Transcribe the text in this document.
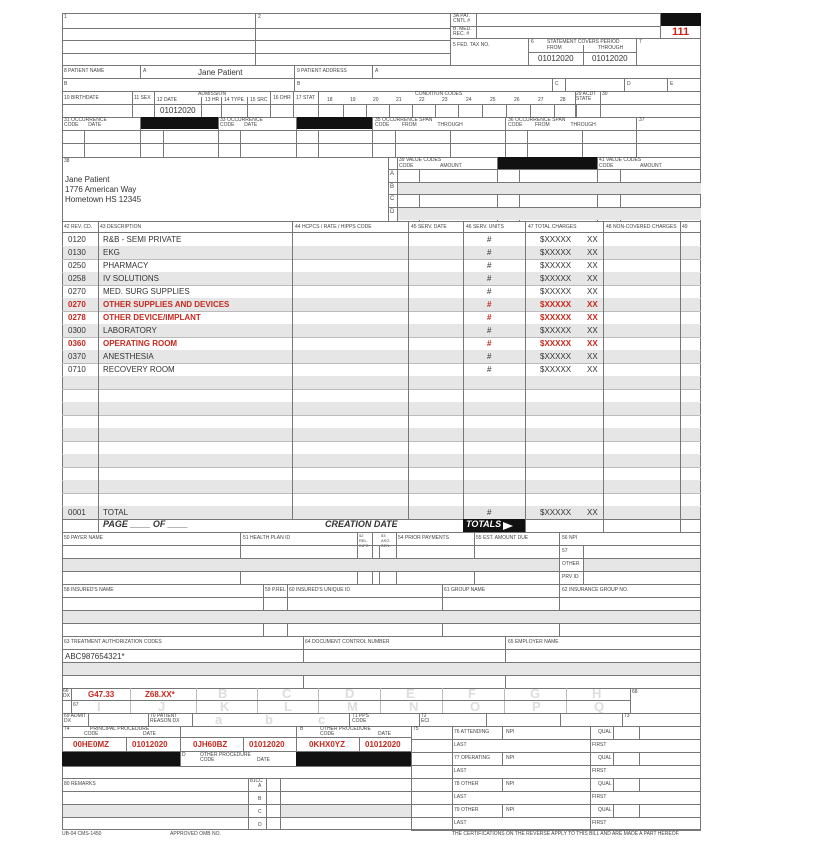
1	2	3A PAT. CNTL #
B. MED. REC. #	111
5 FED. TAX NO.	6	STATEMENT COVERS PERIOD
FROM	THROUGH
01012020 01012020
7
8 PATIENT NAME	A	Jane Patient	9 PATIENT ADDRESS	A
B	B	C	D	E
10 BIRTHDATE	11 SEX
ADMISSION
12 DATE	13 HR 14 TYPE 15 SRC 16 DHR 17 STAT
CONDITION CODES
18	19	20	21	22	23	24	25	26	27	28
29 ACDT STATE
30
01012020
31 OCCURRENCE
CODE DATE
33 OCCURRENCE
CODE DATE
35 OCCURRENCE SPAN
CODE	FROM	THROUGH
36 OCCURRENCE SPAN
CODE	FROM	THROUGH
37
38
Jane Patient
1776 American Way
Hometown HS 12345
A
B
C
D
39 VALUE CODES
CODE	AMOUNT
41 VALUE CODES
CODE	AMOUNT
42 REV. CD. 43 DESCRIPTION	44 HCPCS / RATE / HIPPS CODE	45 SERV. DATE	46 SERV. UNITS	47 TOTAL CHARGES	48 NON-COVERED CHARGES 49
0120 R&B - SEMI PRIVATE	#	$XXXXX XX
0130 EKG	#	$XXXXX XX
0250 PHARMACY	#	$XXXXX XX
0258 IV SOLUTIONS	#	$XXXXX XX
0270 MED. SURG SUPPLIES	#	$XXXXX XX
0270 OTHER SUPPLIES AND DEVICES	#	$XXXXX XX
0278 OTHER DEVICE/IMPLANT	#	$XXXXX XX
0300 LABORATORY	#	$XXXXX XX
0360 OPERATING ROOM	#	$XXXXX XX
0370 ANESTHESIA	#	$XXXXX XX
0710 RECOVERY ROOM	#	$XXXXX XX
0001 TOTAL	#	$XXXXX XX
PAGE ____ OF ____	CREATION DATE	TOTALS
50 PAYER NAME	51 HEALTH PLAN ID	52 REL. INFO
53 ASG. BEN.
54 PRIOR PAYMENTS	55 EST. AMOUNT DUE	56 NPI
57
OTHER
PRV ID
58 INSURED'S NAME	59 P.REL 60 INSURED'S UNIQUE ID	61 GROUP NAME	62 INSURANCE GROUP NO.
63 TREATMENT AUTHORIZATION CODES	64 DOCUMENT CONTROL NUMBER	65 EMPLOYER NAME
ABC987654321*
66 DX G47.33	Z68.XX*
67
B	C	D	E	F	G	H
I	J	K	L	M	N	O	P	Q
68
69 ADMIT DX
70 PATIENT REASON DX	a	b	c	71 PPS CODE
72 ECI
73
74	PRINCIPAL PROCEDURE
CODE	DATE
B	OTHER PROCEDURE
CODE	DATE
75
00HE0MZ	01012020	0JH60BZ	01012020	0KHX0YZ 01012020
D	OTHER PROCEDURE
CODE	DATE
80 REMARKS	81CC
A
B
C
D
76 ATTENDING	NPI	QUAL
LAST	FIRST
77 OPERATING	NPI	QUAL
LAST	FIRST
78 OTHER	NPI	QUAL
LAST	FIRST
79 OTHER	NPI	QUAL
LAST	FIRST
UB-04 CMS-1450	APPROVED OMB NO.	THE CERTIFICATIONS ON THE REVERSE APPLY TO THIS BILL AND ARE MADE A PART HEREOF.
